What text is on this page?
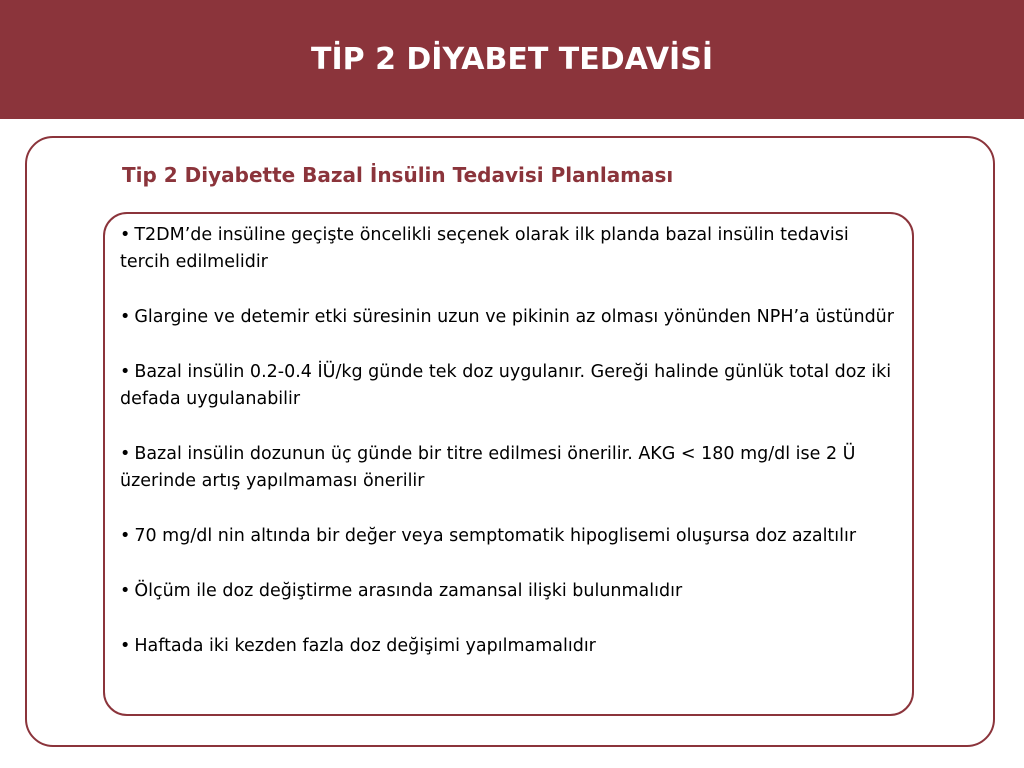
TİP 2 DİYABET TEDAVİSİ
Tip 2 Diyabette Bazal İnsülin Tedavisi Planlaması
• T2DM’de insüline geçişte öncelikli seçenek olarak ilk planda bazal insülin tedavisi tercih edilmelidir
• Glargine ve detemir etki süresinin uzun ve pikinin az olması yönünden NPH’a üstündür
• Bazal insülin 0.2-0.4 İÜ/kg günde tek doz uygulanır. Gereği halinde günlük total doz iki defada uygulanabilir
• Bazal insülin dozunun üç günde bir titre edilmesi önerilir. AKG < 180 mg/dl ise 2 Ü üzerinde artış yapılmaması önerilir
• 70 mg/dl nin altında bir değer veya semptomatik hipoglisemi oluşursa doz azaltılır
• Ölçüm ile doz değiştirme arasında zamansal ilişki bulunmalıdır
• Haftada iki kezden fazla doz değişimi yapılmamalıdır
